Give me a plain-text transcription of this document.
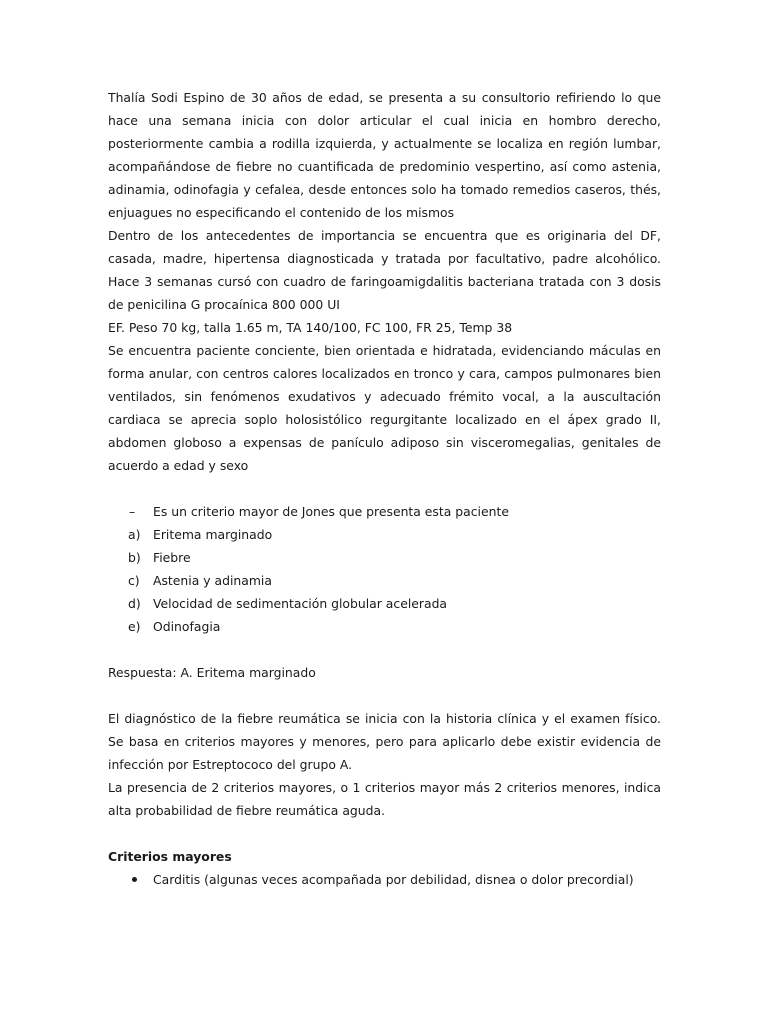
Thalía Sodi Espino de 30 años de edad, se presenta a su consultorio refiriendo lo que hace una semana inicia con dolor articular el cual inicia en hombro derecho, posteriormente cambia a rodilla izquierda, y actualmente se localiza en región lumbar, acompañándose de fiebre no cuantificada de predominio vespertino, así como astenia, adinamia, odinofagia y cefalea, desde entonces solo ha tomado remedios caseros, thés, enjuagues no especificando el contenido de los mismos

Dentro de los antecedentes de importancia se encuentra que es originaria del DF, casada, madre, hipertensa diagnosticada y tratada por facultativo, padre alcohólico. Hace 3 semanas cursó con cuadro de faringoamigdalitis bacteriana tratada con 3 dosis de penicilina G procaínica 800 000 UI

EF. Peso 70 kg, talla 1.65 m, TA 140/100, FC 100, FR 25, Temp 38

Se encuentra paciente conciente, bien orientada e hidratada, evidenciando máculas en forma anular, con centros calores localizados en tronco y cara, campos pulmonares bien ventilados, sin fenómenos exudativos y adecuado frémito vocal, a la auscultación cardiaca se aprecia soplo holosistólico regurgitante localizado en el ápex grado II, abdomen globoso a expensas de panículo adiposo sin visceromegalias, genitales de acuerdo a edad y sexo

– Es un criterio mayor de Jones que presenta esta paciente
a) Eritema marginado
b) Fiebre
c) Astenia y adinamia
d) Velocidad de sedimentación globular acelerada
e) Odinofagia

Respuesta: A. Eritema marginado

El diagnóstico de la fiebre reumática se inicia con la historia clínica y el examen físico. Se basa en criterios mayores y menores, pero para aplicarlo debe existir evidencia de infección por Estreptococo del grupo A.

La presencia de 2 criterios mayores, o 1 criterios mayor más 2 criterios menores, indica alta probabilidad de fiebre reumática aguda.

Criterios mayores

Carditis (algunas veces acompañada por debilidad, disnea o dolor precordial)
